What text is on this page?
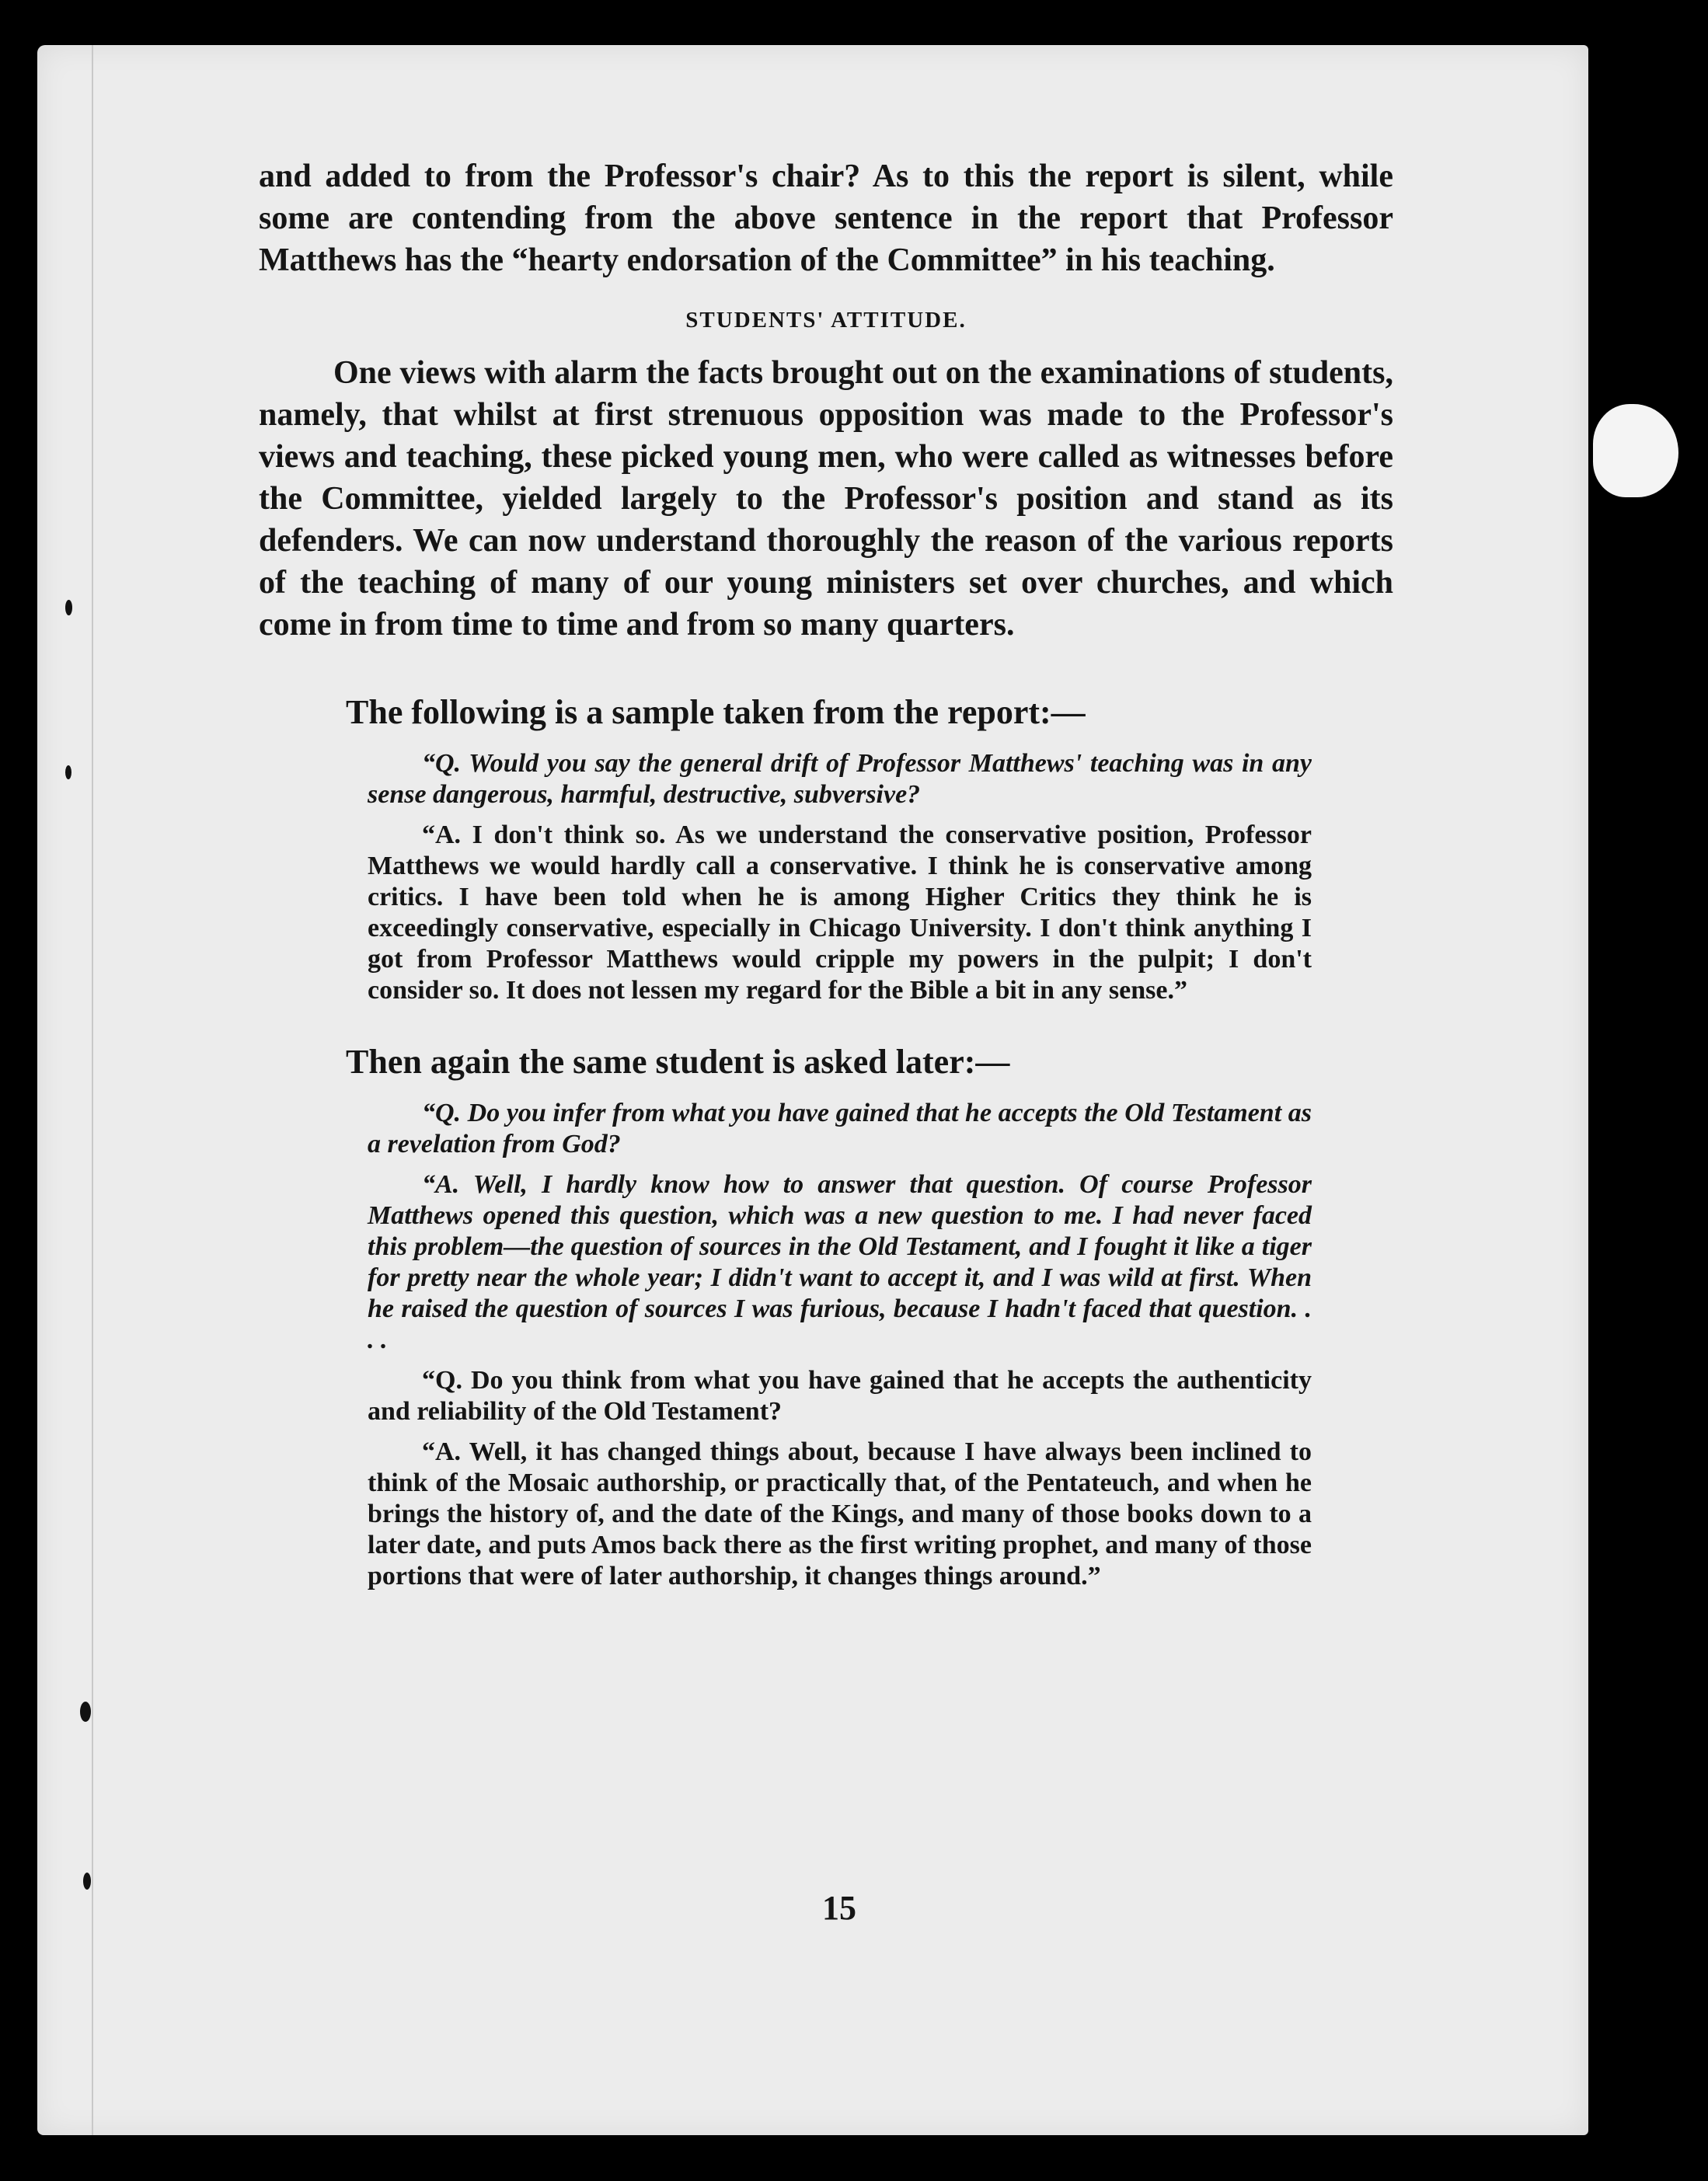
and added to from the Professor's chair? As to this the report is silent, while some are contending from the above sentence in the report that Professor Matthews has the “hearty endorsation of the Committee” in his teaching.

STUDENTS' ATTITUDE.

One views with alarm the facts brought out on the examinations of students, namely, that whilst at first strenuous opposition was made to the Professor's views and teaching, these picked young men, who were called as witnesses before the Committee, yielded largely to the Professor's position and stand as its defenders. We can now understand thoroughly the reason of the various reports of the teaching of many of our young ministers set over churches, and which come in from time to time and from so many quarters.

The following is a sample taken from the report:—

“Q. Would you say the general drift of Professor Matthews' teaching was in any sense dangerous, harmful, destructive, subversive?

“A. I don't think so. As we understand the conservative position, Professor Matthews we would hardly call a conservative. I think he is conservative among critics. I have been told when he is among Higher Critics they think he is exceedingly conservative, especially in Chicago University. I don't think anything I got from Professor Matthews would cripple my powers in the pulpit; I don't consider so. It does not lessen my regard for the Bible a bit in any sense.”

Then again the same student is asked later:—

“Q. Do you infer from what you have gained that he accepts the Old Testament as a revelation from God?

“A. Well, I hardly know how to answer that question. Of course Professor Matthews opened this question, which was a new question to me. I had never faced this problem—the question of sources in the Old Testament, and I fought it like a tiger for pretty near the whole year; I didn't want to accept it, and I was wild at first. When he raised the question of sources I was furious, because I hadn't faced that question. . . .

“Q. Do you think from what you have gained that he accepts the authenticity and reliability of the Old Testament?

“A. Well, it has changed things about, because I have always been inclined to think of the Mosaic authorship, or practically that, of the Pentateuch, and when he brings the history of, and the date of the Kings, and many of those books down to a later date, and puts Amos back there as the first writing prophet, and many of those portions that were of later authorship, it changes things around.”

15
